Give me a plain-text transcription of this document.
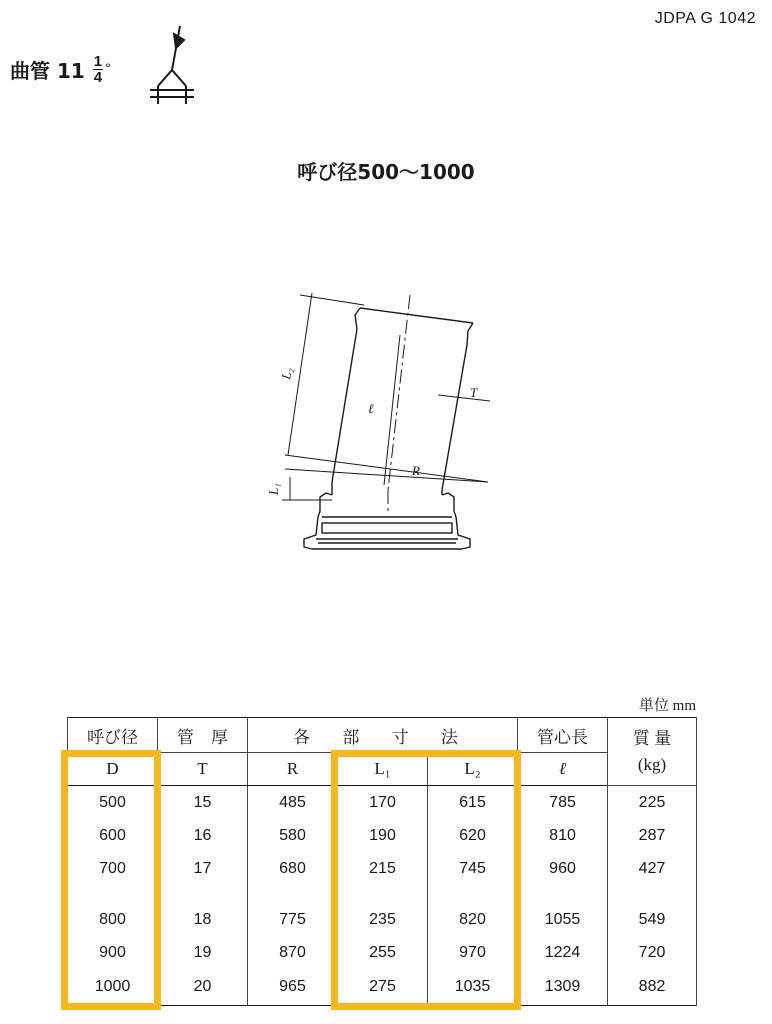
JDPA G 1042
曲管 $11 \frac{1}{4}$ °
呼び径500〜1000
L₂
ℓ
T
R
L₁
単位 mm
呼び径	管　厚	各 部 寸 法			管心長	質 量
(kg)

D	T	R	L₁	L₂	ℓ	
500	15	485	170	615	785	225
600	16	580	190	620	810	287
700	17	680	215	745	960	427

800	18	775	235	820	1055	549
900	19	870	255	970	1224	720
1000	20	965	275	1035	1309	882
